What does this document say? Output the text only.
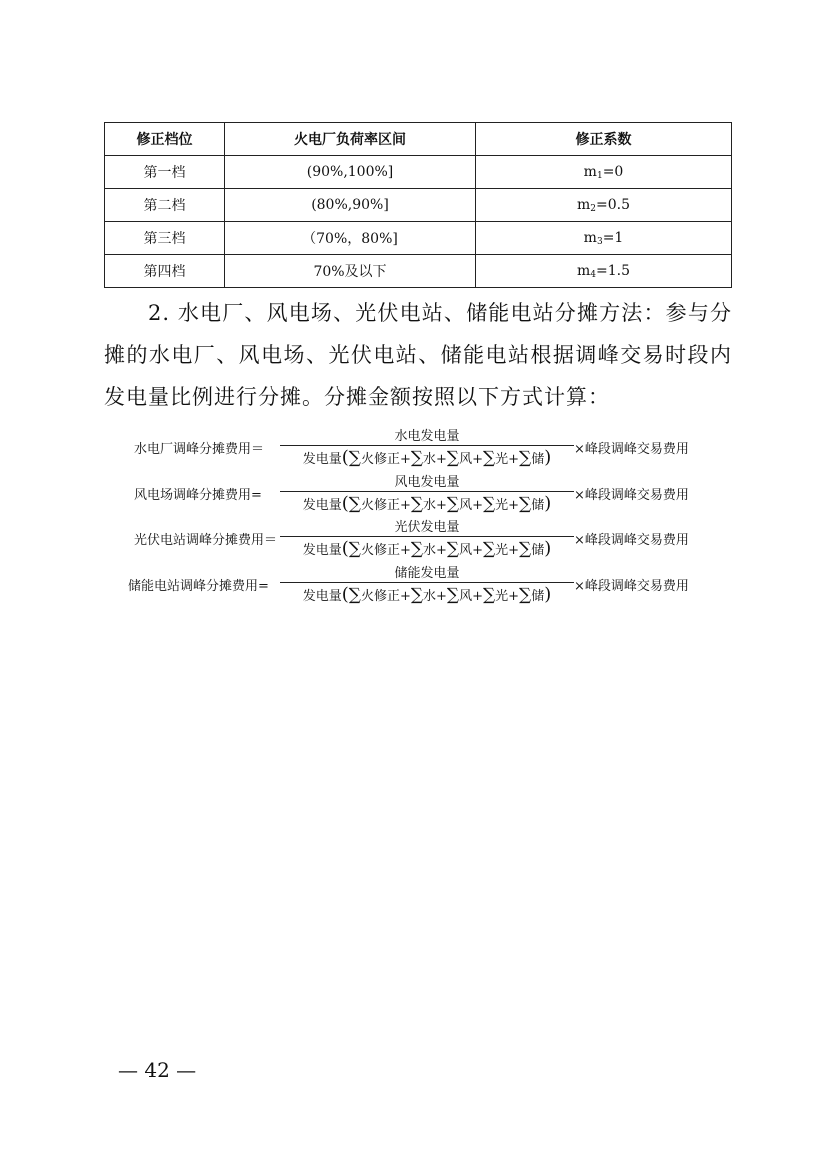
修正档位	火电厂负荷率区间	修正系数
第一档	(90%,100%]	$m_1=0$
第二档	(80%,90%]	$m_2=0.5$
第三档	（70%，80%]	$m_3=1$
第四档	70%及以下	$m_4=1.5$
2. 水电厂、风电场、光伏电站、储能电站分摊方法：参与分摊的水电厂、风电场、光伏电站、储能电站根据调峰交易时段内发电量比例进行分摊。分摊金额按照以下方式计算：
水电厂调峰分摊费用＝
水电发电量
发电量(∑火修正+∑水+∑风+∑光+∑储)	×峰段调峰交易费用
风电场调峰分摊费用=
风电发电量
发电量(∑火修正+∑水+∑风+∑光+∑储)	×峰段调峰交易费用
光伏电站调峰分摊费用＝
光伏发电量
发电量(∑火修正+∑水+∑风+∑光+∑储)	×峰段调峰交易费用
储能电站调峰分摊费用=
储能发电量
发电量(∑火修正+∑水+∑风+∑光+∑储)	×峰段调峰交易费用
— 42 —
